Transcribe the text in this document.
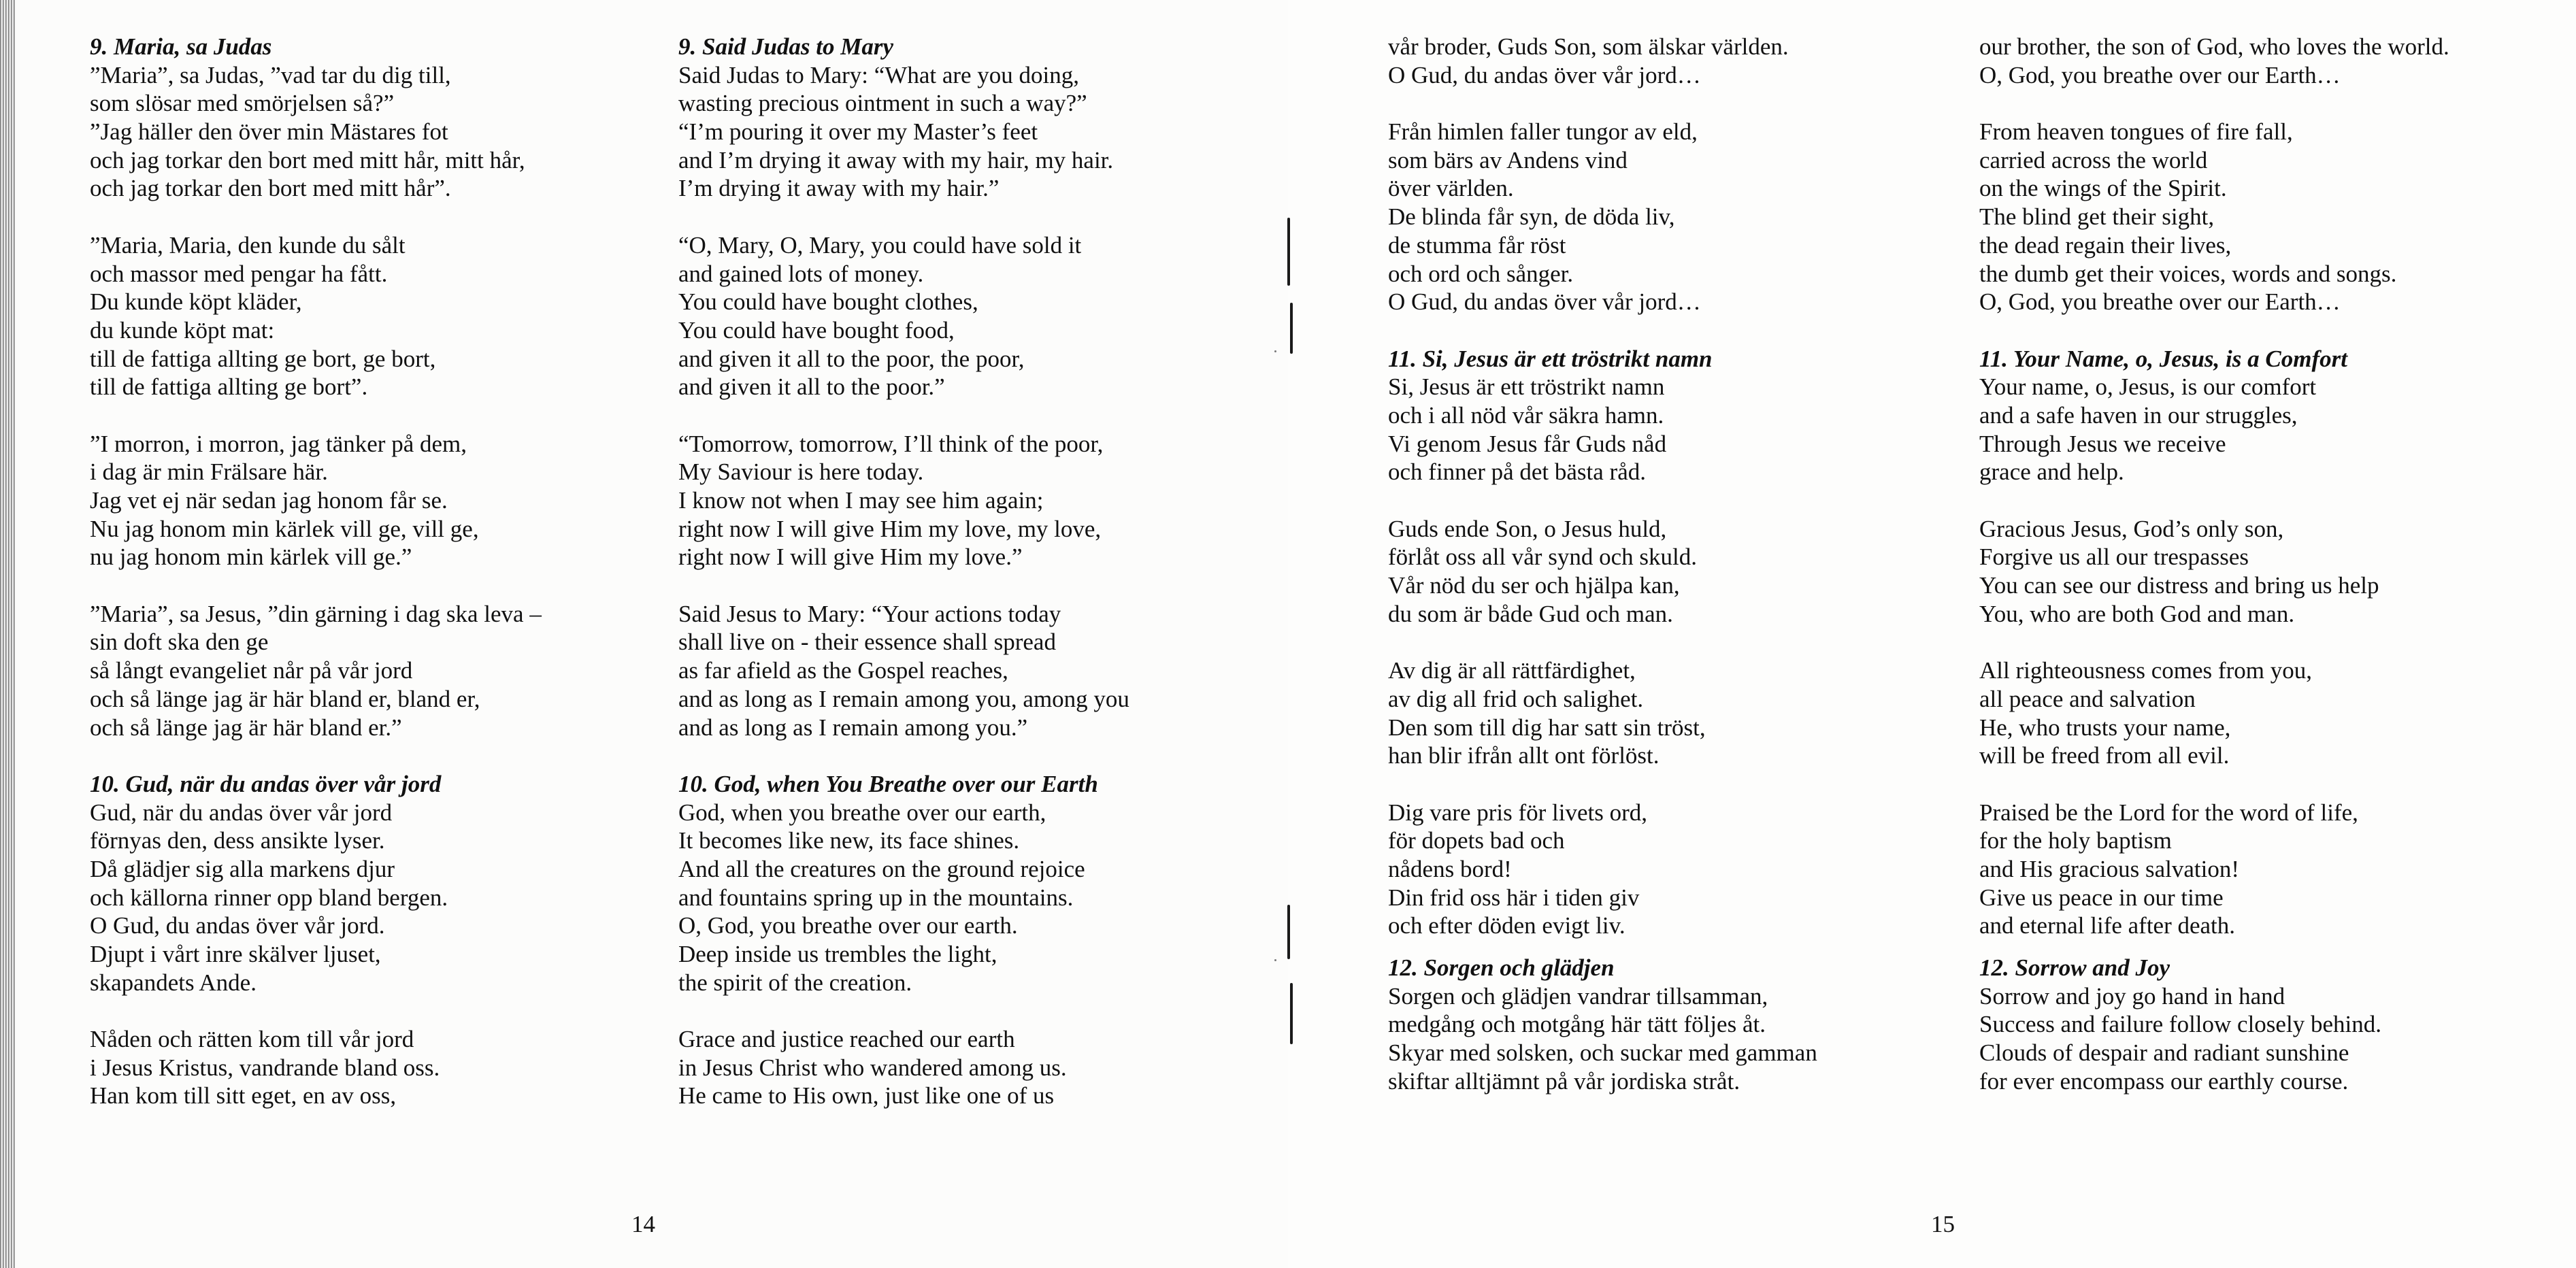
9. Maria, sa Judas
”Maria”, sa Judas, ”vad tar du dig till,
som slösar med smörjelsen så?”
”Jag häller den över min Mästares fot
och jag torkar den bort med mitt hår, mitt hår,
och jag torkar den bort med mitt hår”.
”Maria, Maria, den kunde du sålt
och massor med pengar ha fått.
Du kunde köpt kläder,
du kunde köpt mat:
till de fattiga allting ge bort, ge bort,
till de fattiga allting ge bort”.
”I morron, i morron, jag tänker på dem,
i dag är min Frälsare här.
Jag vet ej när sedan jag honom får se.
Nu jag honom min kärlek vill ge, vill ge,
nu jag honom min kärlek vill ge.”
”Maria”, sa Jesus, ”din gärning i dag ska leva –
sin doft ska den ge
så långt evangeliet når på vår jord
och så länge jag är här bland er, bland er,
och så länge jag är här bland er.”
10. Gud, när du andas över vår jord
Gud, när du andas över vår jord
förnyas den, dess ansikte lyser.
Då glädjer sig alla markens djur
och källorna rinner opp bland bergen.
O Gud, du andas över vår jord.
Djupt i vårt inre skälver ljuset,
skapandets Ande.
Nåden och rätten kom till vår jord
i Jesus Kristus, vandrande bland oss.
Han kom till sitt eget, en av oss,
9. Said Judas to Mary
Said Judas to Mary: “What are you doing,
wasting precious ointment in such a way?”
“I’m pouring it over my Master’s feet
and I’m drying it away with my hair, my hair.
I’m drying it away with my hair.”
“O, Mary, O, Mary, you could have sold it
and gained lots of money.
You could have bought clothes,
You could have bought food,
and given it all to the poor, the poor,
and given it all to the poor.”
“Tomorrow, tomorrow, I’ll think of the poor,
My Saviour is here today.
I know not when I may see him again;
right now I will give Him my love, my love,
right now I will give Him my love.”
Said Jesus to Mary: “Your actions today
shall live on - their essence shall spread
as far afield as the Gospel reaches,
and as long as I remain among you, among you
and as long as I remain among you.”
10. God, when You Breathe over our Earth
God, when you breathe over our earth,
It becomes like new, its face shines.
And all the creatures on the ground rejoice
and fountains spring up in the mountains.
O, God, you breathe over our earth.
Deep inside us trembles the light,
the spirit of the creation.
Grace and justice reached our earth
in Jesus Christ who wandered among us.
He came to His own, just like one of us
14
vår broder, Guds Son, som älskar världen.
O Gud, du andas över vår jord…
Från himlen faller tungor av eld,
som bärs av Andens vind
över världen.
De blinda får syn, de döda liv,
de stumma får röst
och ord och sånger.
O Gud, du andas över vår jord…
11. Si, Jesus är ett tröstrikt namn
Si, Jesus är ett tröstrikt namn
och i all nöd vår säkra hamn.
Vi genom Jesus får Guds nåd
och finner på det bästa råd.
Guds ende Son, o Jesus huld,
förlåt oss all vår synd och skuld.
Vår nöd du ser och hjälpa kan,
du som är både Gud och man.
Av dig är all rättfärdighet,
av dig all frid och salighet.
Den som till dig har satt sin tröst,
han blir ifrån allt ont förlöst.
Dig vare pris för livets ord,
för dopets bad och
nådens bord!
Din frid oss här i tiden giv
och efter döden evigt liv.
12. Sorgen och glädjen
Sorgen och glädjen vandrar tillsamman,
medgång och motgång här tätt följes åt.
Skyar med solsken, och suckar med gamman
skiftar alltjämnt på vår jordiska stråt.
our brother, the son of God, who loves the world.
O, God, you breathe over our Earth…
From heaven tongues of fire fall,
carried across the world
on the wings of the Spirit.
The blind get their sight,
the dead regain their lives,
the dumb get their voices, words and songs.
O, God, you breathe over our Earth…
11. Your Name, o, Jesus, is a Comfort
Your name, o, Jesus, is our comfort
and a safe haven in our struggles,
Through Jesus we receive
grace and help.
Gracious Jesus, God’s only son,
Forgive us all our trespasses
You can see our distress and bring us help
You, who are both God and man.
All righteousness comes from you,
all peace and salvation
He, who trusts your name,
will be freed from all evil.
Praised be the Lord for the word of life,
for the holy baptism
and His gracious salvation!
Give us peace in our time
and eternal life after death.
12. Sorrow and Joy
Sorrow and joy go hand in hand
Success and failure follow closely behind.
Clouds of despair and radiant sunshine
for ever encompass our earthly course.
15
